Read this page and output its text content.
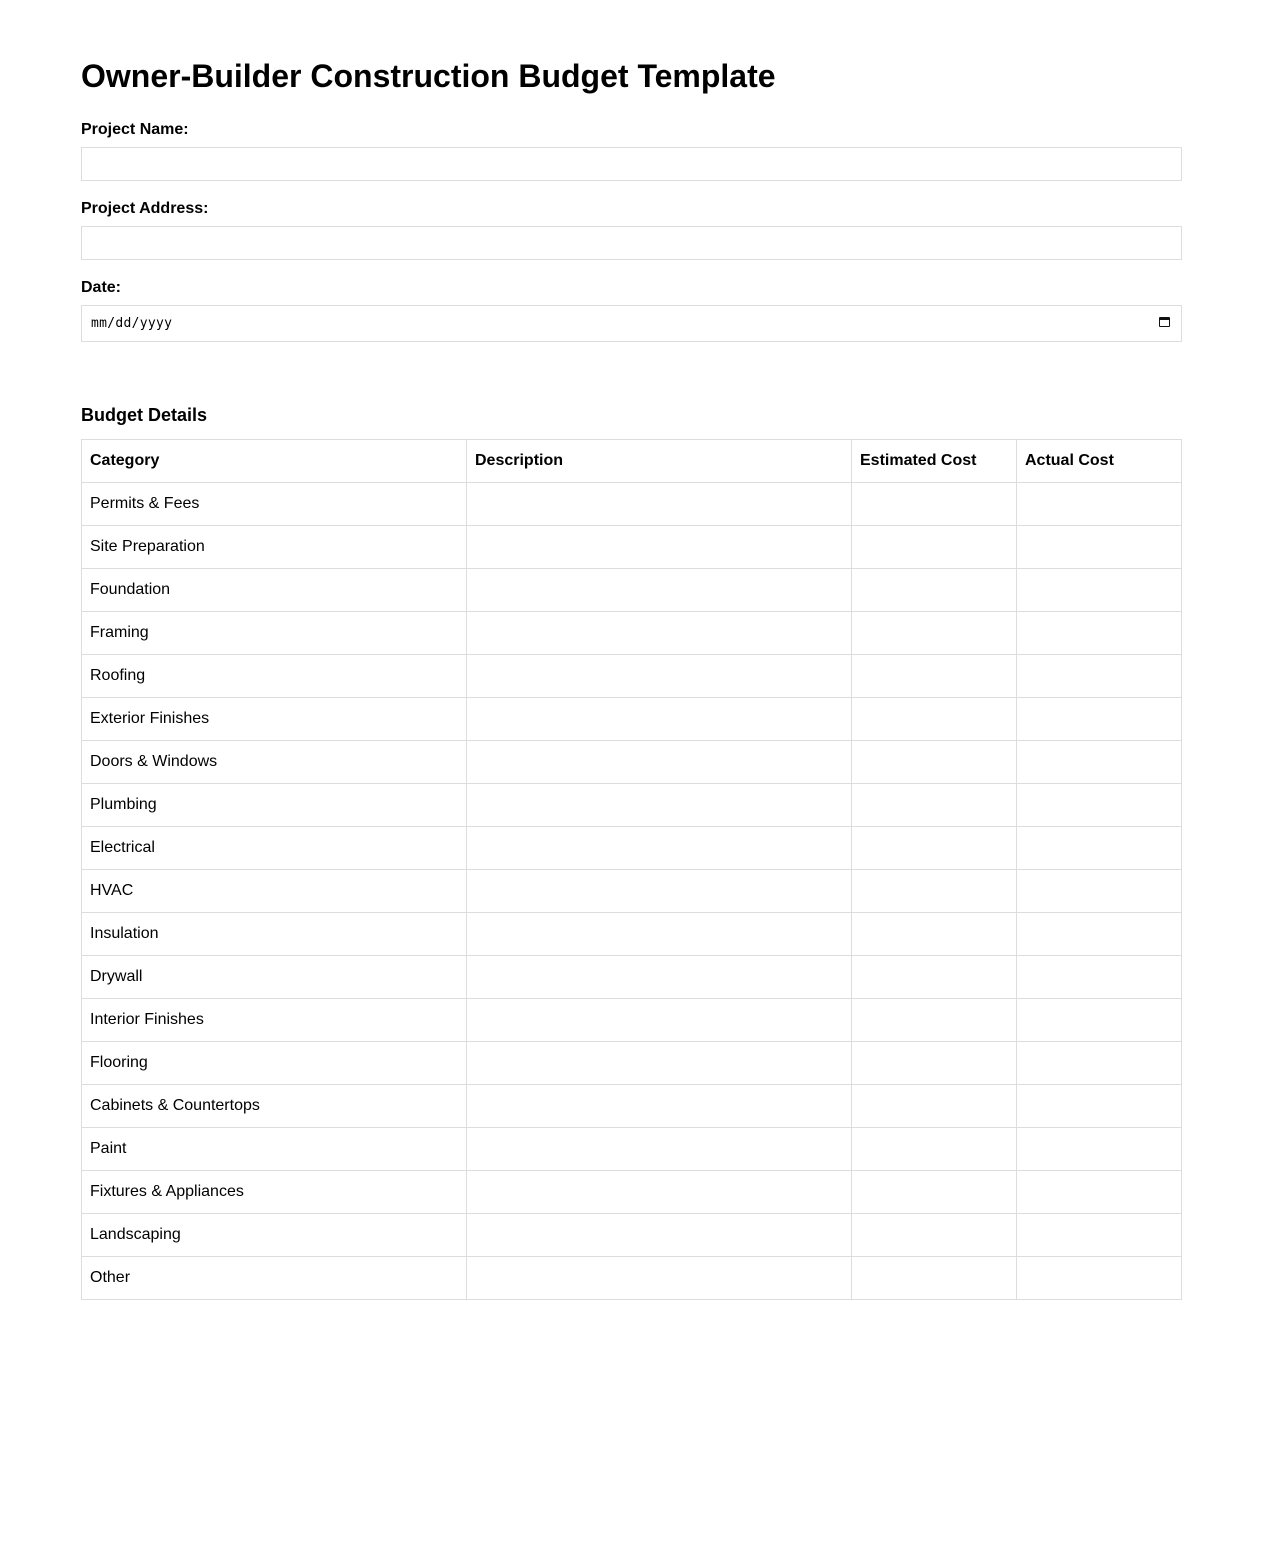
Owner-Builder Construction Budget Template
Project Name:
Project Address:
Date:
mm/dd/yyyy
Budget Details
Category	Description	Estimated Cost	Actual Cost
Permits & Fees			
Site Preparation			
Foundation			
Framing			
Roofing			
Exterior Finishes			
Doors & Windows			
Plumbing			
Electrical			
HVAC			
Insulation			
Drywall			
Interior Finishes			
Flooring			
Cabinets & Countertops			
Paint			
Fixtures & Appliances			
Landscaping			
Other			
